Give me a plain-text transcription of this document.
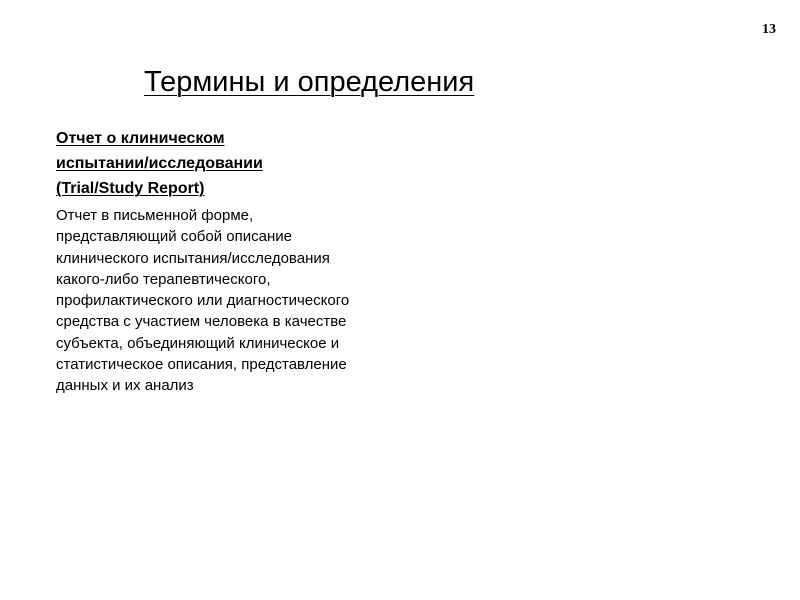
13
Термины и определения
Отчет о клиническом
испытании/исследовании
(Trial/Study Report)
Отчет в письменной форме,
представляющий собой описание
клинического испытания/исследования
какого-либо терапевтического,
профилактического или диагностического
средства с участием человека в качестве
субъекта, объединяющий клиническое и
статистическое описания, представление
данных и их анализ
